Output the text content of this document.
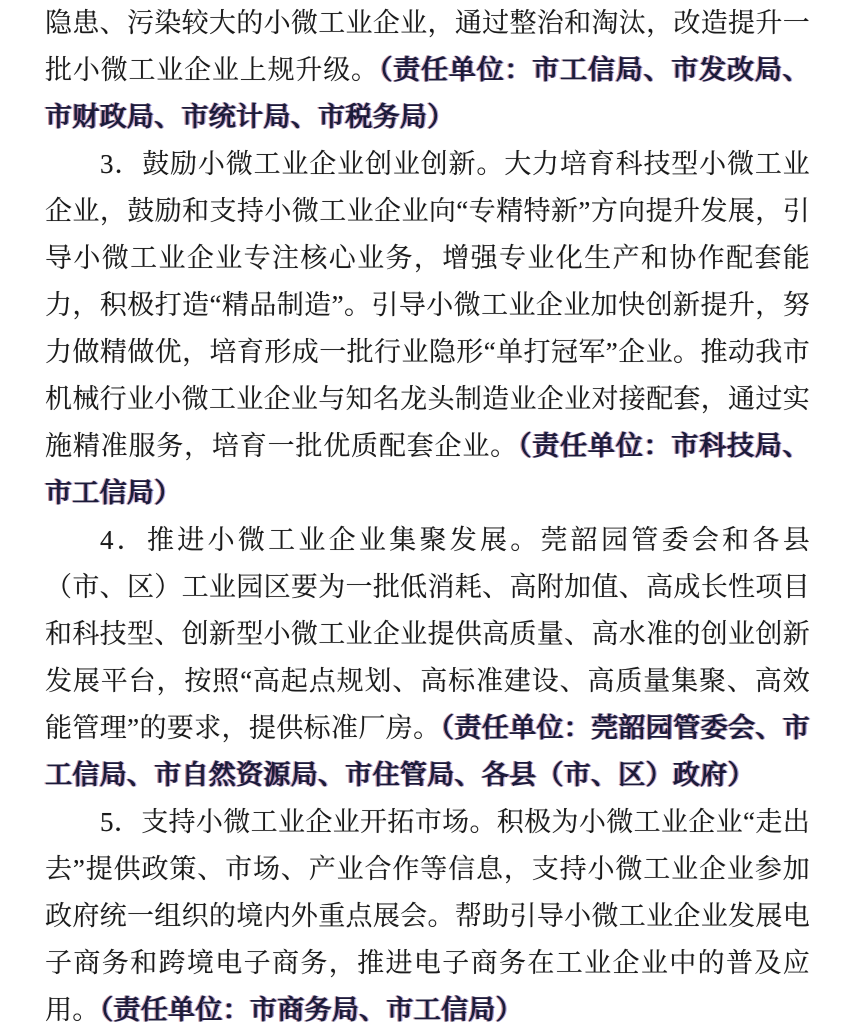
隐患、污染较大的小微工业企业，通过整治和淘汰，改造提升一批小微工业企业上规升级。（责任单位：市工信局、市发改局、市财政局、市统计局、市税务局）

3．鼓励小微工业企业创业创新。大力培育科技型小微工业企业，鼓励和支持小微工业企业向“专精特新”方向提升发展，引导小微工业企业专注核心业务，增强专业化生产和协作配套能力，积极打造“精品制造”。引导小微工业企业加快创新提升，努力做精做优，培育形成一批行业隐形“单打冠军”企业。推动我市机械行业小微工业企业与知名龙头制造业企业对接配套，通过实施精准服务，培育一批优质配套企业。（责任单位：市科技局、市工信局）

4．推进小微工业企业集聚发展。莞韶园管委会和各县（市、区）工业园区要为一批低消耗、高附加值、高成长性项目和科技型、创新型小微工业企业提供高质量、高水准的创业创新发展平台，按照“高起点规划、高标准建设、高质量集聚、高效能管理”的要求，提供标准厂房。（责任单位：莞韶园管委会、市工信局、市自然资源局、市住管局、各县（市、区）政府）

5．支持小微工业企业开拓市场。积极为小微工业企业“走出去”提供政策、市场、产业合作等信息，支持小微工业企业参加政府统一组织的境内外重点展会。帮助引导小微工业企业发展电子商务和跨境电子商务，推进电子商务在工业企业中的普及应用。（责任单位：市商务局、市工信局）
